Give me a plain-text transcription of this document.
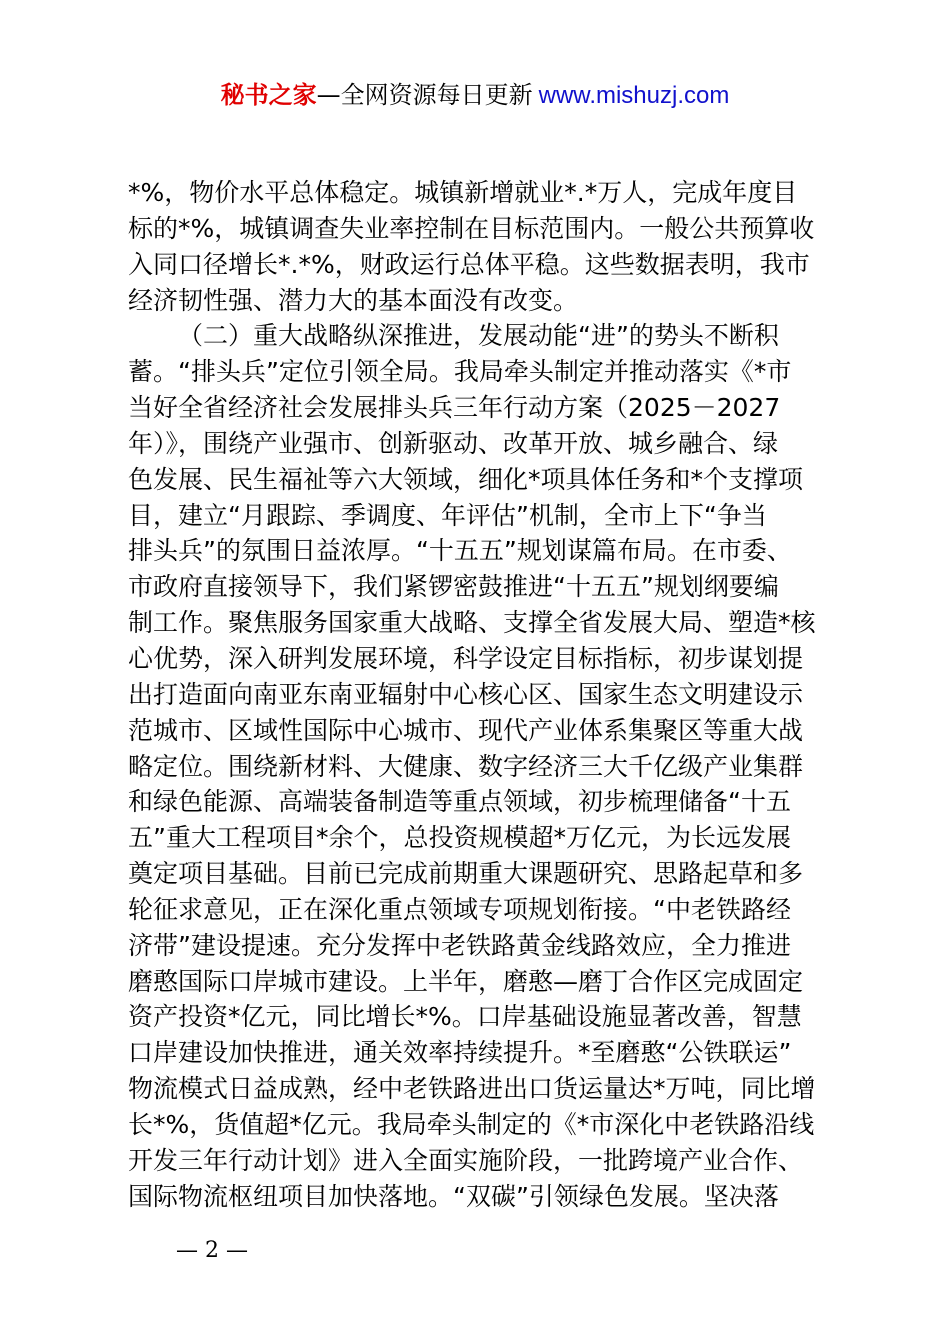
秘书之家—全网资源每日更新 www.mishuzj.com
*%，物价水平总体稳定。城镇新增就业*.*万人，完成年度目
标的*%，城镇调查失业率控制在目标范围内。一般公共预算收
入同口径增长*.*%，财政运行总体平稳。这些数据表明，我市
经济韧性强、潜力大的基本面没有改变。
（二）重大战略纵深推进，发展动能“进”的势头不断积
蓄。“排头兵”定位引领全局。我局牵头制定并推动落实《*市
当好全省经济社会发展排头兵三年行动方案（2025－2027
年）》，围绕产业强市、创新驱动、改革开放、城乡融合、绿
色发展、民生福祉等六大领域，细化*项具体任务和*个支撑项
目，建立“月跟踪、季调度、年评估”机制，全市上下“争当
排头兵”的氛围日益浓厚。“十五五”规划谋篇布局。在市委、
市政府直接领导下，我们紧锣密鼓推进“十五五”规划纲要编
制工作。聚焦服务国家重大战略、支撑全省发展大局、塑造*核
心优势，深入研判发展环境，科学设定目标指标，初步谋划提
出打造面向南亚东南亚辐射中心核心区、国家生态文明建设示
范城市、区域性国际中心城市、现代产业体系集聚区等重大战
略定位。围绕新材料、大健康、数字经济三大千亿级产业集群
和绿色能源、高端装备制造等重点领域，初步梳理储备“十五
五”重大工程项目*余个，总投资规模超*万亿元，为长远发展
奠定项目基础。目前已完成前期重大课题研究、思路起草和多
轮征求意见，正在深化重点领域专项规划衔接。“中老铁路经
济带”建设提速。充分发挥中老铁路黄金线路效应，全力推进
磨憨国际口岸城市建设。上半年，磨憨—磨丁合作区完成固定
资产投资*亿元，同比增长*%。口岸基础设施显著改善，智慧
口岸建设加快推进，通关效率持续提升。*至磨憨“公铁联运”
物流模式日益成熟，经中老铁路进出口货运量达*万吨，同比增
长*%，货值超*亿元。我局牵头制定的《*市深化中老铁路沿线
开发三年行动计划》进入全面实施阶段，一批跨境产业合作、
国际物流枢纽项目加快落地。“双碳”引领绿色发展。坚决落
— 2 —
